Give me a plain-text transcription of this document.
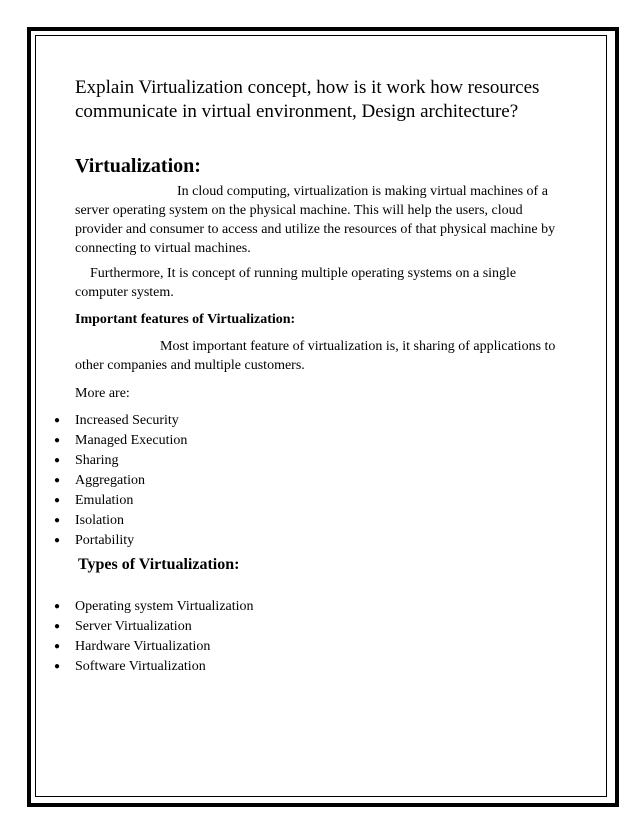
Explain Virtualization concept, how is it work how resources communicate in virtual environment, Design architecture?

Virtualization:

In cloud computing, virtualization is making virtual machines of a server operating system on the physical machine. This will help the users, cloud provider and consumer to access and utilize the resources of that physical machine by connecting to virtual machines.

Furthermore, It is concept of running multiple operating systems on a single computer system.

Important features of Virtualization:

Most important feature of virtualization is, it sharing of applications to other companies and multiple customers.

More are:

● Increased Security
● Managed Execution
● Sharing
● Aggregation
● Emulation
● Isolation
● Portability

Types of Virtualization:

● Operating system Virtualization
● Server Virtualization
● Hardware Virtualization
● Software Virtualization
